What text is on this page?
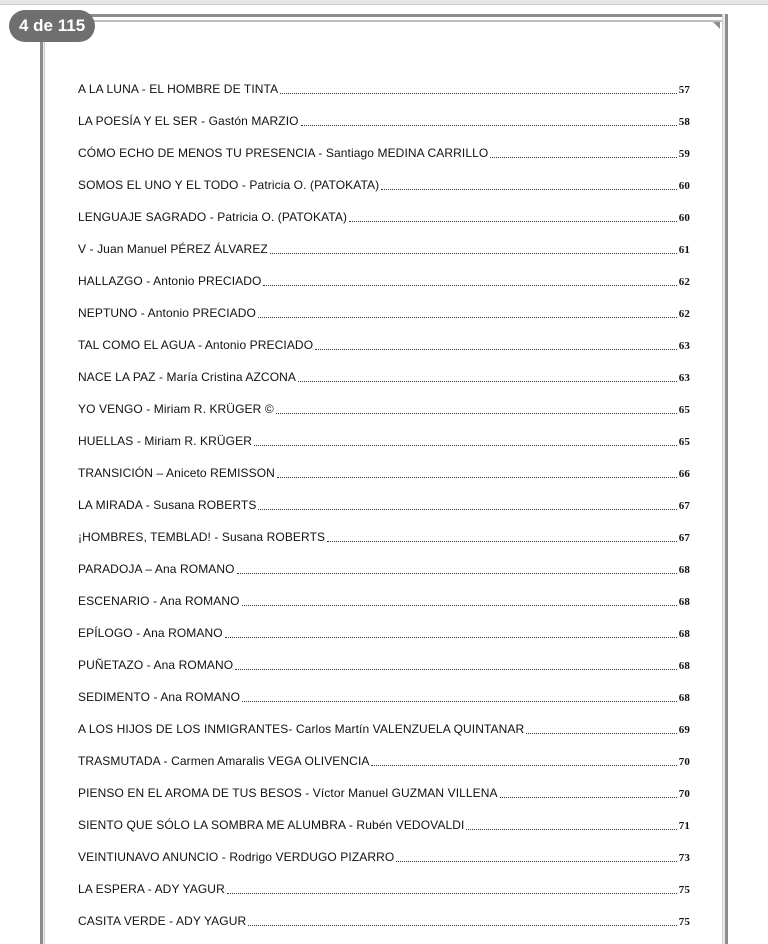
4 de 115
A LA LUNA - EL HOMBRE DE TINTA	57
LA POESÍA Y EL SER - Gastón MARZIO	58
CÓMO ECHO DE MENOS TU PRESENCIA - Santiago MEDINA CARRILLO	59
SOMOS EL UNO Y EL TODO - Patricia O. (PATOKATA)	60
LENGUAJE SAGRADO - Patricia O. (PATOKATA)	60
V - Juan Manuel PÉREZ ÁLVAREZ	61
HALLAZGO - Antonio PRECIADO	62
NEPTUNO - Antonio PRECIADO	62
TAL COMO EL AGUA - Antonio PRECIADO	63
NACE LA PAZ - María Cristina AZCONA	63
YO VENGO - Miriam R. KRÜGER ©	65
HUELLAS - Miriam R. KRÜGER	65
TRANSICIÓN – Aniceto REMISSON	66
LA MIRADA - Susana ROBERTS	67
¡HOMBRES, TEMBLAD! - Susana ROBERTS	67
PARADOJA – Ana ROMANO	68
ESCENARIO - Ana ROMANO	68
EPÍLOGO - Ana ROMANO	68
PUÑETAZO - Ana ROMANO	68
SEDIMENTO - Ana ROMANO	68
A LOS HIJOS DE LOS INMIGRANTES- Carlos Martín VALENZUELA QUINTANAR	69
TRASMUTADA - Carmen Amaralis VEGA OLIVENCIA	70
PIENSO EN EL AROMA DE TUS BESOS - Víctor Manuel GUZMAN VILLENA	70
SIENTO QUE SÓLO LA SOMBRA ME ALUMBRA - Rubén VEDOVALDI	71
VEINTIUNAVO ANUNCIO - Rodrigo VERDUGO PIZARRO	73
LA ESPERA - ADY YAGUR	75
CASITA VERDE - ADY YAGUR	75
